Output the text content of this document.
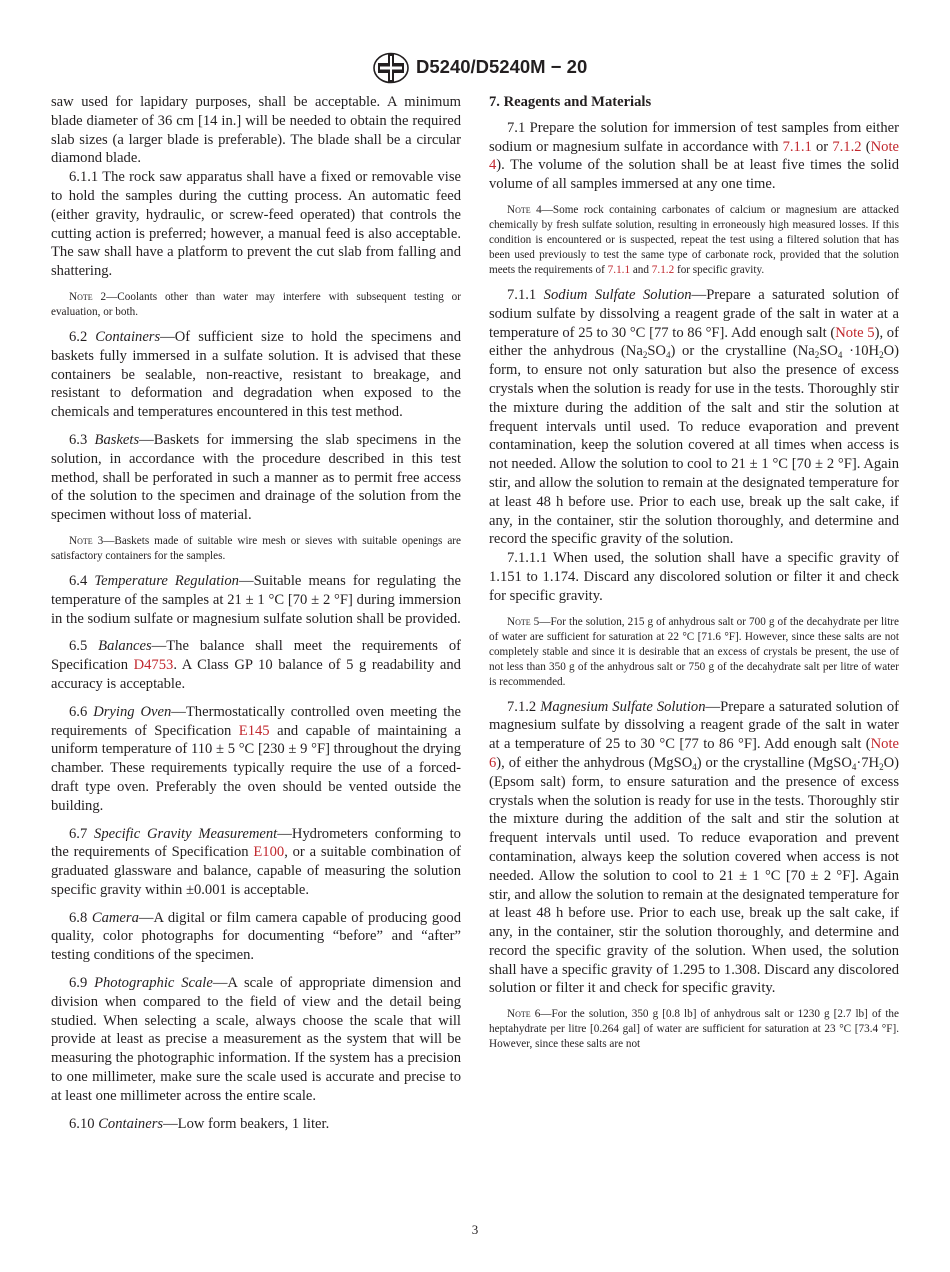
D5240/D5240M − 20

saw used for lapidary purposes, shall be acceptable. A minimum blade diameter of 36 cm [14 in.] will be needed to obtain the required slab sizes (a larger blade is preferable). The blade shall be a circular diamond blade.

6.1.1 The rock saw apparatus shall have a fixed or removable vise to hold the samples during the cutting process. An automatic feed (either gravity, hydraulic, or screw-feed operated) that controls the cutting action is preferred; however, a manual feed is also acceptable. The saw shall have a platform to prevent the cut slab from falling and shattering.

Note 2—Coolants other than water may interfere with subsequent testing or evaluation, or both.

6.2 Containers—Of sufficient size to hold the specimens and baskets fully immersed in a sulfate solution. It is advised that these containers be sealable, non-reactive, resistant to breakage, and resistant to deformation and degradation when exposed to the chemicals and temperatures encountered in this test method.

6.3 Baskets—Baskets for immersing the slab specimens in the solution, in accordance with the procedure described in this test method, shall be perforated in such a manner as to permit free access of the solution to the specimen and drainage of the solution from the specimen without loss of material.

Note 3—Baskets made of suitable wire mesh or sieves with suitable openings are satisfactory containers for the samples.

6.4 Temperature Regulation—Suitable means for regulating the temperature of the samples at 21 ± 1 °C [70 ± 2 °F] during immersion in the sodium sulfate or magnesium sulfate solution shall be provided.

6.5 Balances—The balance shall meet the requirements of Specification D4753. A Class GP 10 balance of 5 g readability and accuracy is acceptable.

6.6 Drying Oven—Thermostatically controlled oven meeting the requirements of Specification E145 and capable of maintaining a uniform temperature of 110 ± 5 °C [230 ± 9 °F] throughout the drying chamber. These requirements typically require the use of a forced-draft type oven. Preferably the oven should be vented outside the building.

6.7 Specific Gravity Measurement—Hydrometers conforming to the requirements of Specification E100, or a suitable combination of graduated glassware and balance, capable of measuring the solution specific gravity within ±0.001 is acceptable.

6.8 Camera—A digital or film camera capable of producing good quality, color photographs for documenting “before” and “after” testing conditions of the specimen.

6.9 Photographic Scale—A scale of appropriate dimension and division when compared to the field of view and the detail being studied. When selecting a scale, always choose the scale that will provide at least as precise a measurement as the system that will be measuring the photographic information. If the system has a precision to one millimeter, make sure the scale used is accurate and precise to at least one millimeter across the entire scale.

6.10 Containers—Low form beakers, 1 liter.

7. Reagents and Materials

7.1 Prepare the solution for immersion of test samples from either sodium or magnesium sulfate in accordance with 7.1.1 or 7.1.2 (Note 4). The volume of the solution shall be at least five times the solid volume of all samples immersed at any one time.

Note 4—Some rock containing carbonates of calcium or magnesium are attacked chemically by fresh sulfate solution, resulting in erroneously high measured losses. If this condition is encountered or is suspected, repeat the test using a filtered solution that has been used previously to test the same type of carbonate rock, provided that the solution meets the requirements of 7.1.1 and 7.1.2 for specific gravity.

7.1.1 Sodium Sulfate Solution—Prepare a saturated solution of sodium sulfate by dissolving a reagent grade of the salt in water at a temperature of 25 to 30 °C [77 to 86 °F]. Add enough salt (Note 5), of either the anhydrous $(Na_2SO_4)$ or the crystalline $(Na_2SO_4 \cdot 10H_2O)$ form, to ensure not only saturation but also the presence of excess crystals when the solution is ready for use in the tests. Thoroughly stir the mixture during the addition of the salt and stir the solution at frequent intervals until used. To reduce evaporation and prevent contamination, keep the solution covered at all times when access is not needed. Allow the solution to cool to 21 ± 1 °C [70 ± 2 °F]. Again stir, and allow the solution to remain at the designated temperature for at least 48 h before use. Prior to each use, break up the salt cake, if any, in the container, stir the solution thoroughly, and determine and record the specific gravity of the solution.

7.1.1.1 When used, the solution shall have a specific gravity of 1.151 to 1.174. Discard any discolored solution or filter it and check for specific gravity.

Note 5—For the solution, 215 g of anhydrous salt or 700 g of the decahydrate per litre of water are sufficient for saturation at 22 °C [71.6 °F]. However, since these salts are not completely stable and since it is desirable that an excess of crystals be present, the use of not less than 350 g of the anhydrous salt or 750 g of the decahydrate salt per litre of water is recommended.

7.1.2 Magnesium Sulfate Solution—Prepare a saturated solution of magnesium sulfate by dissolving a reagent grade of the salt in water at a temperature of 25 to 30 °C [77 to 86 °F]. Add enough salt (Note 6), of either the anhydrous (MgSO$_4$) or the crystalline $(MgSO_4\cdot 7H_2O)$ (Epsom salt) form, to ensure saturation and the presence of excess crystals when the solution is ready for use in the tests. Thoroughly stir the mixture during the addition of the salt and stir the solution at frequent intervals until used. To reduce evaporation and prevent contamination, always keep the solution covered when access is not needed. Allow the solution to cool to 21 ± 1 °C [70 ± 2 °F]. Again stir, and allow the solution to remain at the designated temperature for at least 48 h before use. Prior to each use, break up the salt cake, if any, in the container, stir the solution thoroughly, and determine and record the specific gravity of the solution. When used, the solution shall have a specific gravity of 1.295 to 1.308. Discard any discolored solution or filter it and check for specific gravity.

Note 6—For the solution, 350 g [0.8 lb] of anhydrous salt or 1230 g [2.7 lb] of the heptahydrate per litre [0.264 gal] of water are sufficient for saturation at 23 °C [73.4 °F]. However, since these salts are not
3
